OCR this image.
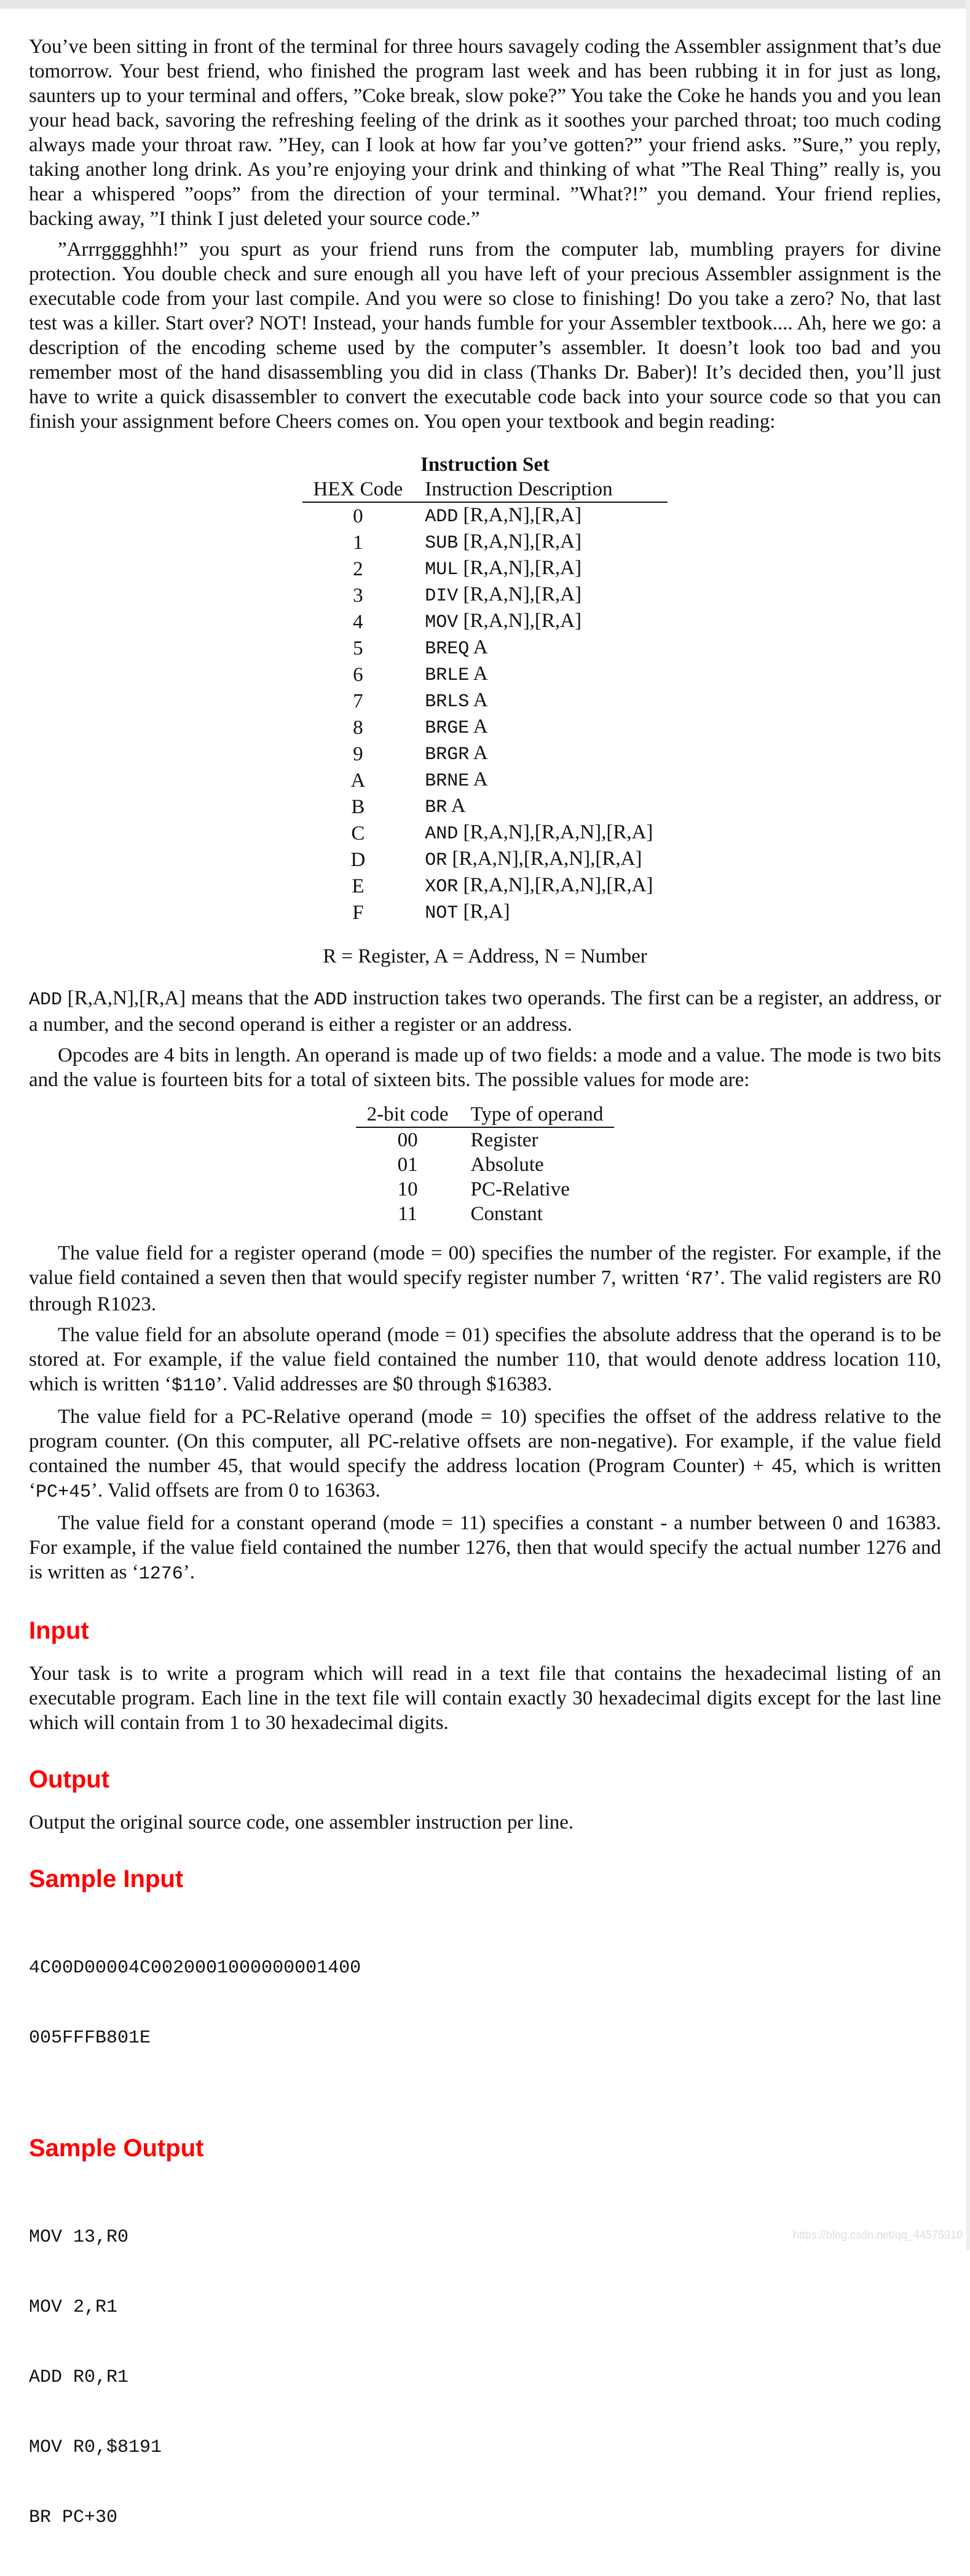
You’ve been sitting in front of the terminal for three hours savagely coding the Assembler assignment that’s due tomorrow. Your best friend, who finished the program last week and has been rubbing it in for just as long, saunters up to your terminal and offers, ”Coke break, slow poke?” You take the Coke he hands you and you lean your head back, savoring the refreshing feeling of the drink as it soothes your parched throat; too much coding always made your throat raw. ”Hey, can I look at how far you’ve gotten?” your friend asks. ”Sure,” you reply, taking another long drink. As you’re enjoying your drink and thinking of what ”The Real Thing” really is, you hear a whispered ”oops” from the direction of your terminal. ”What?!” you demand. Your friend replies, backing away, ”I think I just deleted your source code.”

”Arrrgggghhh!” you spurt as your friend runs from the computer lab, mumbling prayers for divine protection. You double check and sure enough all you have left of your precious Assembler assignment is the executable code from your last compile. And you were so close to finishing! Do you take a zero? No, that last test was a killer. Start over? NOT! Instead, your hands fumble for your Assembler textbook.... Ah, here we go: a description of the encoding scheme used by the computer’s assembler. It doesn’t look too bad and you remember most of the hand disassembling you did in class (Thanks Dr. Baber)! It’s decided then, you’ll just have to write a quick disassembler to convert the executable code back into your source code so that you can finish your assignment before Cheers comes on. You open your textbook and begin reading:

Instruction Set
HEX Code	Instruction Description
0	ADD [R,A,N],[R,A]
1	SUB [R,A,N],[R,A]
2	MUL [R,A,N],[R,A]
3	DIV [R,A,N],[R,A]
4	MOV [R,A,N],[R,A]
5	BREQ A
6	BRLE A
7	BRLS A
8	BRGE A
9	BRGR A
A	BRNE A
B	BR A
C	AND [R,A,N],[R,A,N],[R,A]
D	OR [R,A,N],[R,A,N],[R,A]
E	XOR [R,A,N],[R,A,N],[R,A]
F	NOT [R,A]
R = Register, A = Address, N = Number

ADD [R,A,N],[R,A] means that the ADD instruction takes two operands. The first can be a register, an address, or a number, and the second operand is either a register or an address.

Opcodes are 4 bits in length. An operand is made up of two fields: a mode and a value. The mode is two bits and the value is fourteen bits for a total of sixteen bits. The possible values for mode are:

2-bit code	Type of operand
00	Register
01	Absolute
10	PC-Relative
11	Constant

The value field for a register operand (mode = 00) specifies the number of the register. For example, if the value field contained a seven then that would specify register number 7, written ‘R7’. The valid registers are R0 through R1023.

The value field for an absolute operand (mode = 01) specifies the absolute address that the operand is to be stored at. For example, if the value field contained the number 110, that would denote address location 110, which is written ‘$110’. Valid addresses are $0 through $16383.

The value field for a PC-Relative operand (mode = 10) specifies the offset of the address relative to the program counter. (On this computer, all PC-relative offsets are non-negative). For example, if the value field contained the number 45, that would specify the address location (Program Counter) + 45, which is written ‘PC+45’. Valid offsets are from 0 to 16363.

The value field for a constant operand (mode = 11) specifies a constant - a number between 0 and 16383. For example, if the value field contained the number 1276, then that would specify the actual number 1276 and is written as ‘1276’.

Input

Your task is to write a program which will read in a text file that contains the hexadecimal listing of an executable program. Each line in the text file will contain exactly 30 hexadecimal digits except for the last line which will contain from 1 to 30 hexadecimal digits.

Output

Output the original source code, one assembler instruction per line.

Sample Input

4C00D00004C0020001000000001400

005FFFB801E

Sample Output

MOV 13,R0

MOV 2,R1

ADD R0,R1

MOV R0,$8191

BR PC+30

https://blog.csdn.net/qq_44575910
